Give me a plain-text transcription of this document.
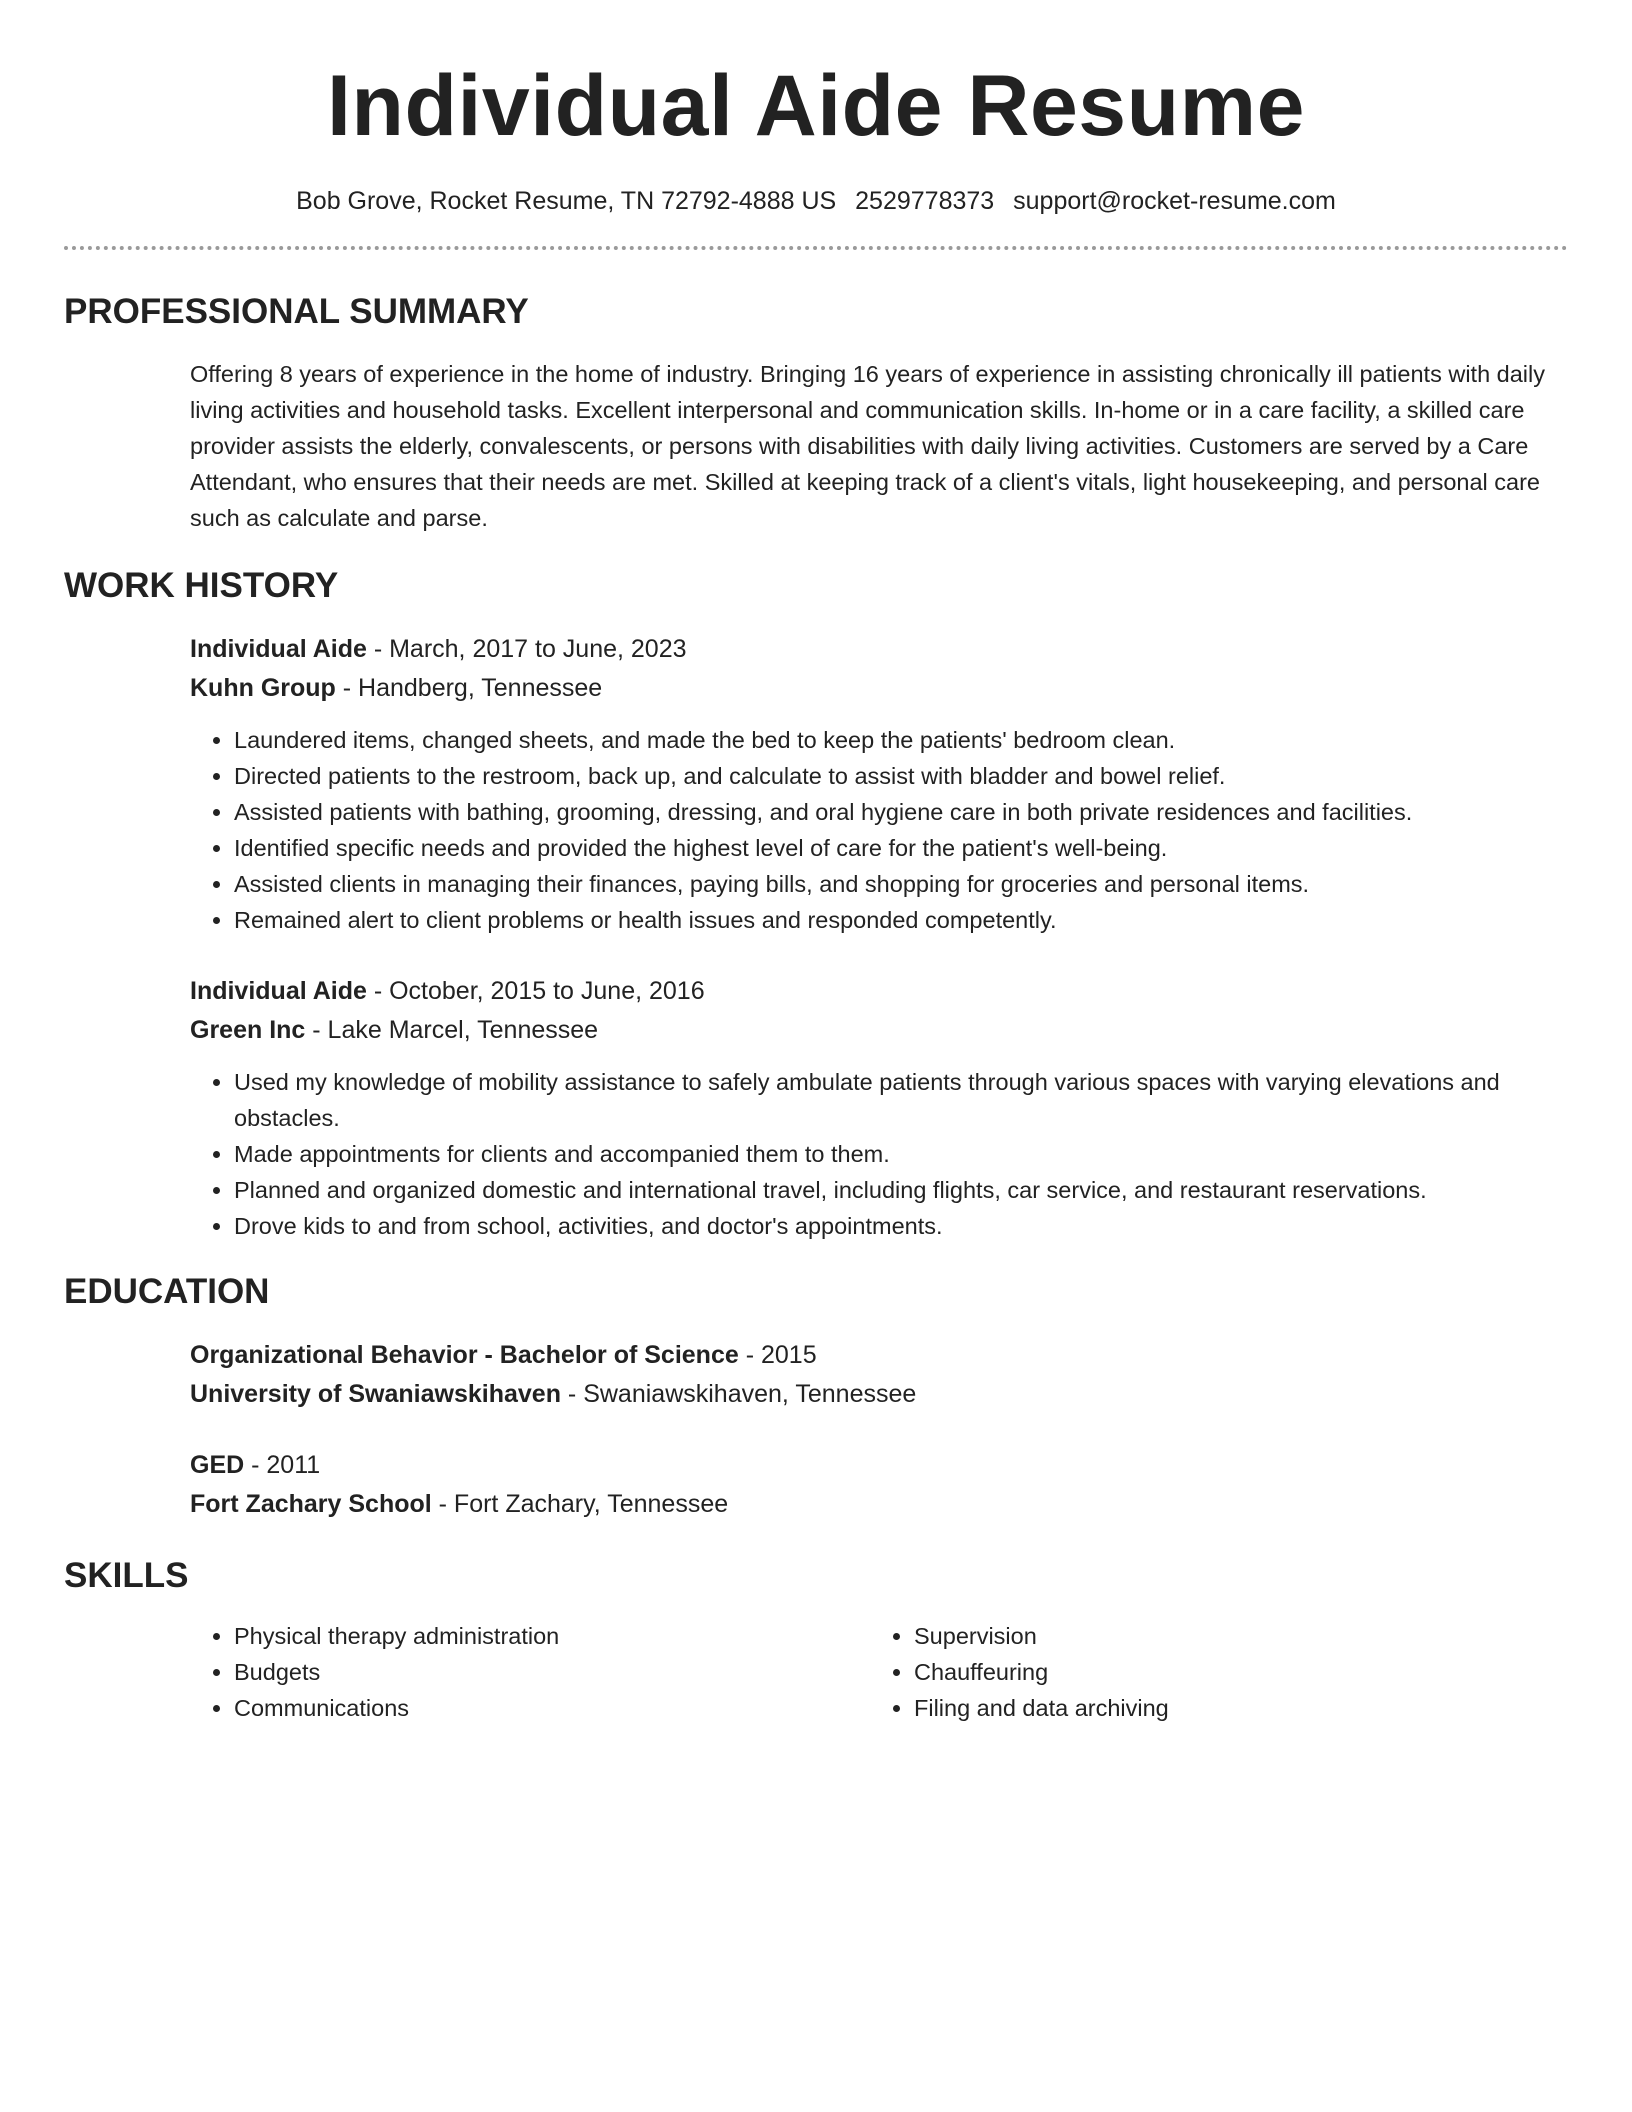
Individual Aide Resume
Bob Grove, Rocket Resume, TN 72792-4888 US 2529778373 support@rocket-resume.com
PROFESSIONAL SUMMARY
Offering 8 years of experience in the home of industry. Bringing 16 years of experience in assisting chronically ill patients with daily living activities and household tasks. Excellent interpersonal and communication skills. In-home or in a care facility, a skilled care provider assists the elderly, convalescents, or persons with disabilities with daily living activities. Customers are served by a Care Attendant, who ensures that their needs are met. Skilled at keeping track of a client's vitals, light housekeeping, and personal care such as calculate and parse.
WORK HISTORY
Individual Aide - March, 2017 to June, 2023
Kuhn Group - Handberg, Tennessee
• Laundered items, changed sheets, and made the bed to keep the patients' bedroom clean.
• Directed patients to the restroom, back up, and calculate to assist with bladder and bowel relief.
• Assisted patients with bathing, grooming, dressing, and oral hygiene care in both private residences and facilities.
• Identified specific needs and provided the highest level of care for the patient's well-being.
• Assisted clients in managing their finances, paying bills, and shopping for groceries and personal items.
• Remained alert to client problems or health issues and responded competently.
Individual Aide - October, 2015 to June, 2016
Green Inc - Lake Marcel, Tennessee
• Used my knowledge of mobility assistance to safely ambulate patients through various spaces with varying elevations and obstacles.
• Made appointments for clients and accompanied them to them.
• Planned and organized domestic and international travel, including flights, car service, and restaurant reservations.
• Drove kids to and from school, activities, and doctor's appointments.
EDUCATION
Organizational Behavior - Bachelor of Science - 2015
University of Swaniawskihaven - Swaniawskihaven, Tennessee
GED - 2011
Fort Zachary School - Fort Zachary, Tennessee
SKILLS
• Physical therapy administration
• Budgets
• Communications
• Supervision
• Chauffeuring
• Filing and data archiving
